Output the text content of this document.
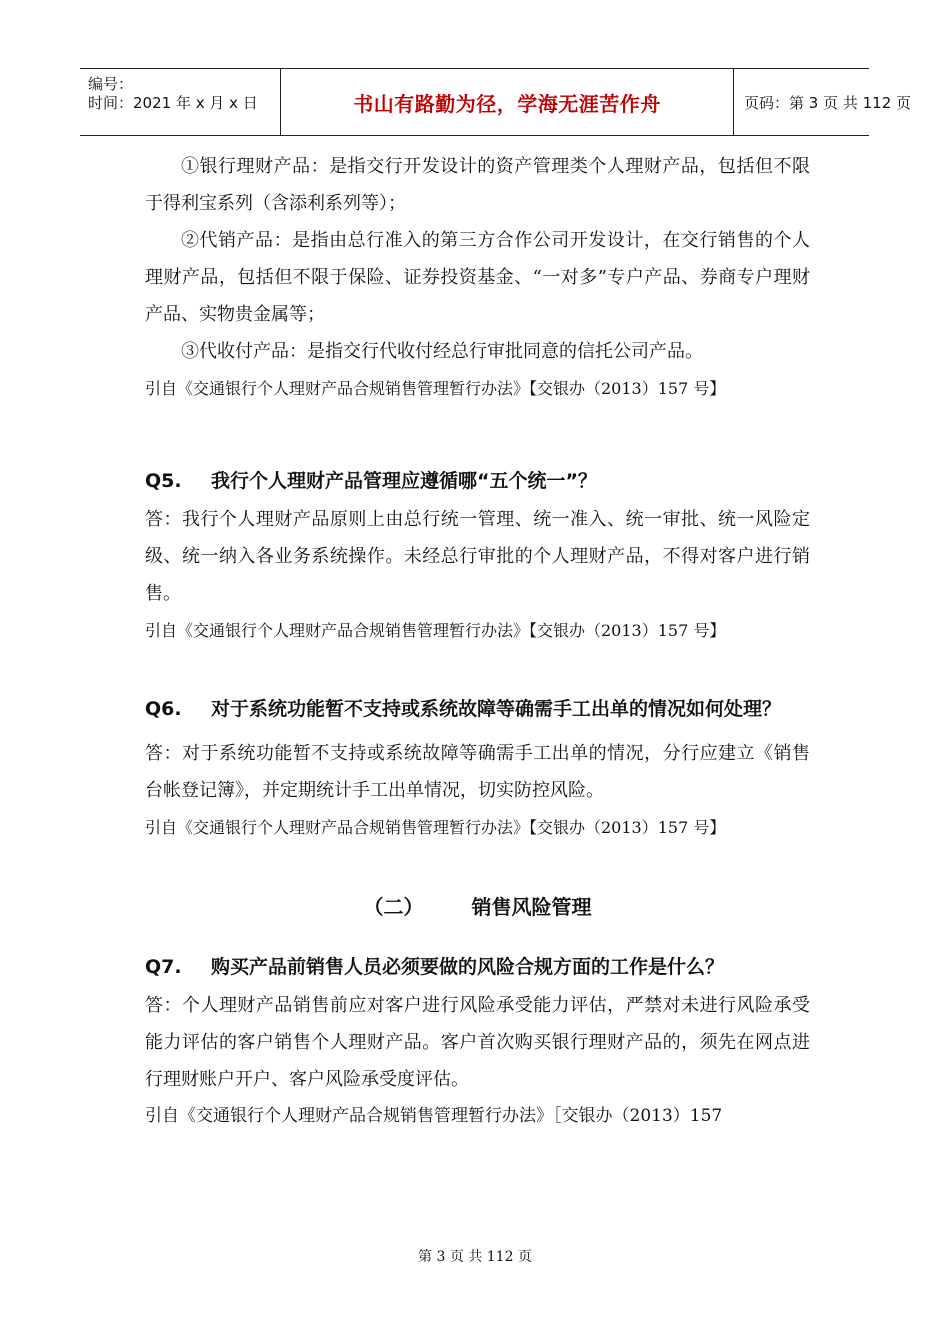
编号：
时间：2021 年 x 月 x 日	书山有路勤为径，学海无涯苦作舟	页码：第 3 页 共 112 页

①银行理财产品：是指交行开发设计的资产管理类个人理财产品，包括但不限于得利宝系列（含添利系列等）；

②代销产品：是指由总行准入的第三方合作公司开发设计，在交行销售的个人理财产品，包括但不限于保险、证券投资基金、“一对多”专户产品、券商专户理财产品、实物贵金属等；

③代收付产品：是指交行代收付经总行审批同意的信托公司产品。

引自《交通银行个人理财产品合规销售管理暂行办法》【交银办（2013）157 号】

Q5. 我行个人理财产品管理应遵循哪“五个统一”？

答：我行个人理财产品原则上由总行统一管理、统一准入、统一审批、统一风险定级、统一纳入各业务系统操作。未经总行审批的个人理财产品，不得对客户进行销售。

引自《交通银行个人理财产品合规销售管理暂行办法》【交银办（2013）157 号】

Q6. 对于系统功能暂不支持或系统故障等确需手工出单的情况如何处理？

答：对于系统功能暂不支持或系统故障等确需手工出单的情况，分行应建立《销售台帐登记簿》，并定期统计手工出单情况，切实防控风险。

引自《交通银行个人理财产品合规销售管理暂行办法》【交银办（2013）157 号】

（二） 销售风险管理

Q7. 购买产品前销售人员必须要做的风险合规方面的工作是什么？

答：个人理财产品销售前应对客户进行风险承受能力评估，严禁对未进行风险承受能力评估的客户销售个人理财产品。客户首次购买银行理财产品的，须先在网点进行理财账户开户、客户风险承受度评估。

引自《交通银行个人理财产品合规销售管理暂行办法》［交银办（2013）157

第 3 页 共 112 页
